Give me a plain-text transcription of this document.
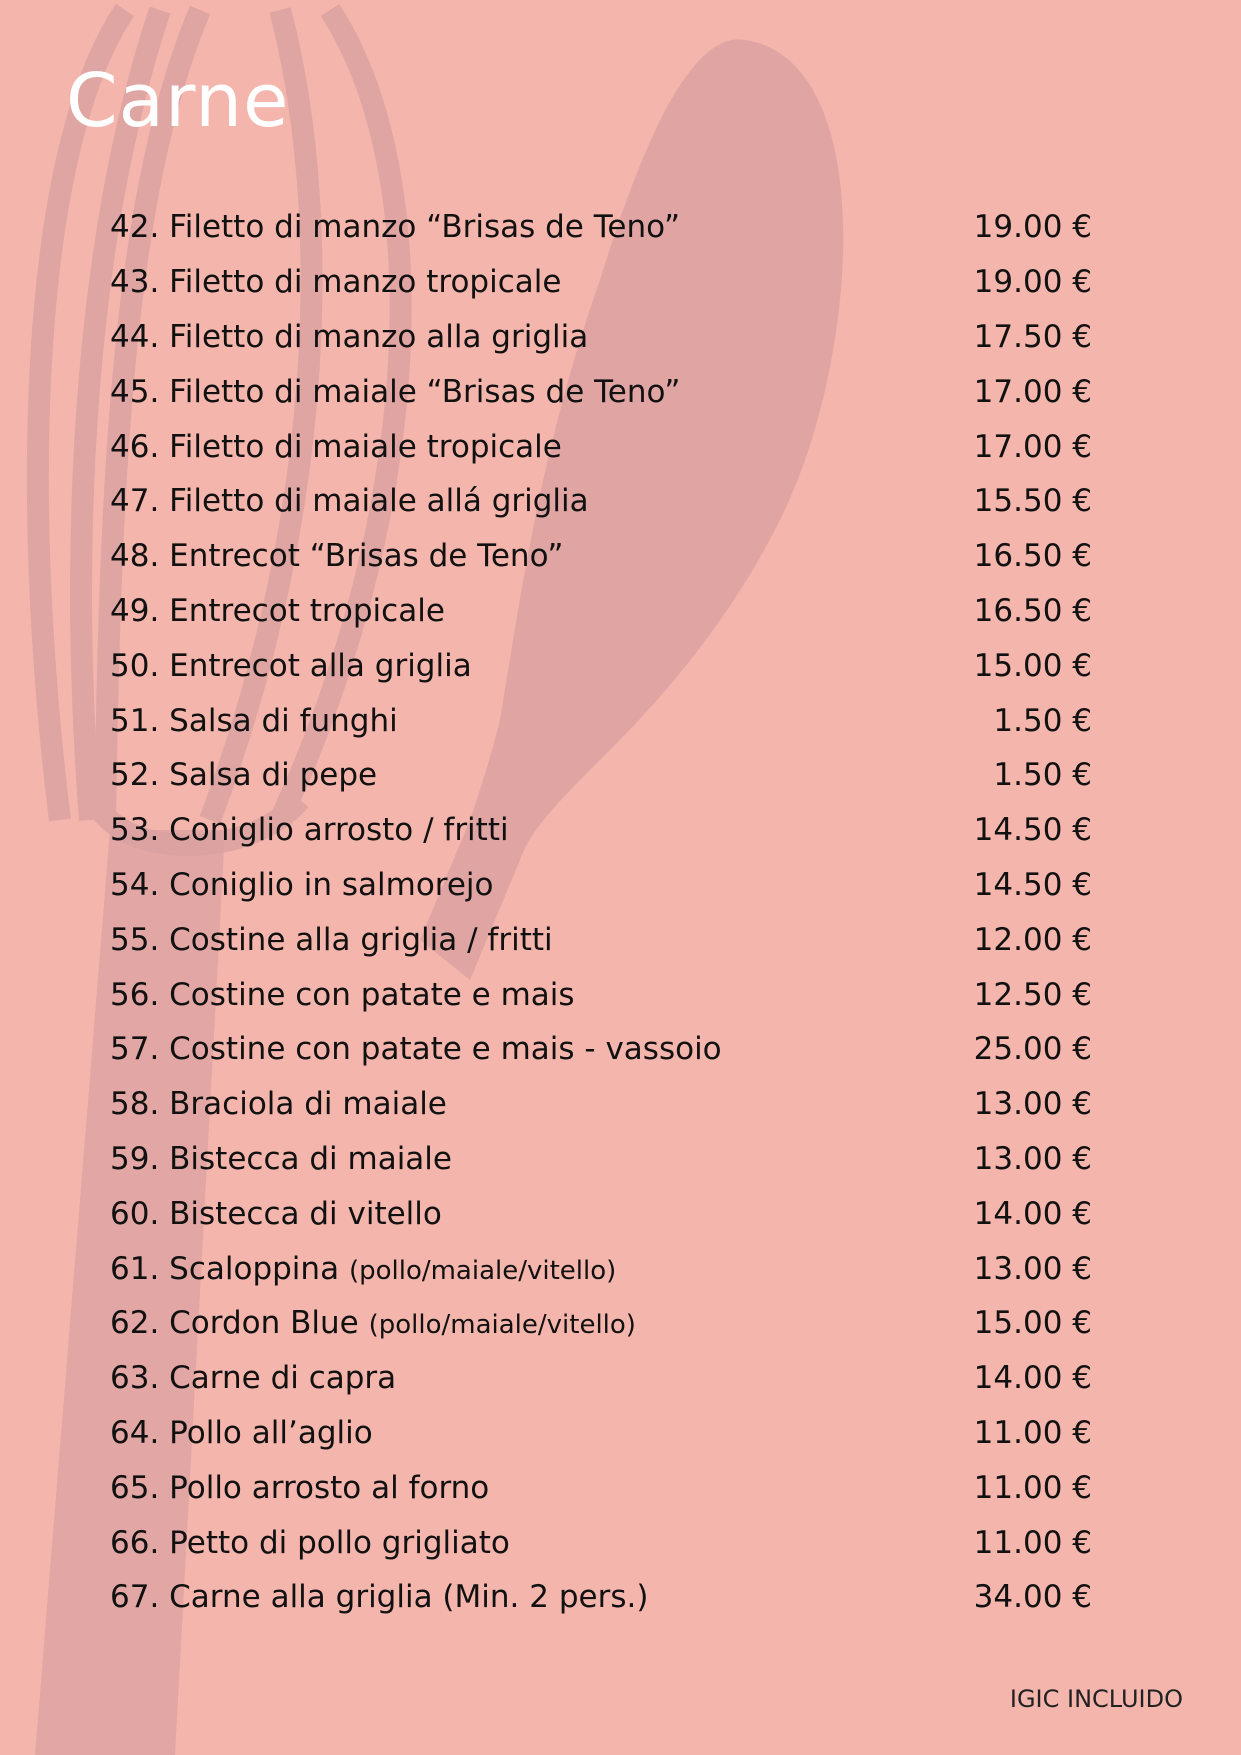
Carne
42. Filetto di manzo “Brisas de Teno”	19.00 €
43. Filetto di manzo tropicale	19.00 €
44. Filetto di manzo alla griglia	17.50 €
45. Filetto di maiale “Brisas de Teno”	17.00 €
46. Filetto di maiale tropicale	17.00 €
47. Filetto di maiale allá griglia	15.50 €
48. Entrecot “Brisas de Teno”	16.50 €
49. Entrecot tropicale	16.50 €
50. Entrecot alla griglia	15.00 €
51. Salsa di funghi	1.50 €
52. Salsa di pepe	1.50 €
53. Coniglio arrosto / fritti	14.50 €
54. Coniglio in salmorejo	14.50 €
55. Costine alla griglia / fritti	12.00 €
56. Costine con patate e mais	12.50 €
57. Costine con patate e mais - vassoio	25.00 €
58. Braciola di maiale	13.00 €
59. Bistecca di maiale	13.00 €
60. Bistecca di vitello	14.00 €
61. Scaloppina (pollo/maiale/vitello)	13.00 €
62. Cordon Blue (pollo/maiale/vitello)	15.00 €
63. Carne di capra	14.00 €
64. Pollo all’aglio	11.00 €
65. Pollo arrosto al forno	11.00 €
66. Petto di pollo grigliato	11.00 €
67. Carne alla griglia (Min. 2 pers.)	34.00 €
IGIC INCLUIDO
